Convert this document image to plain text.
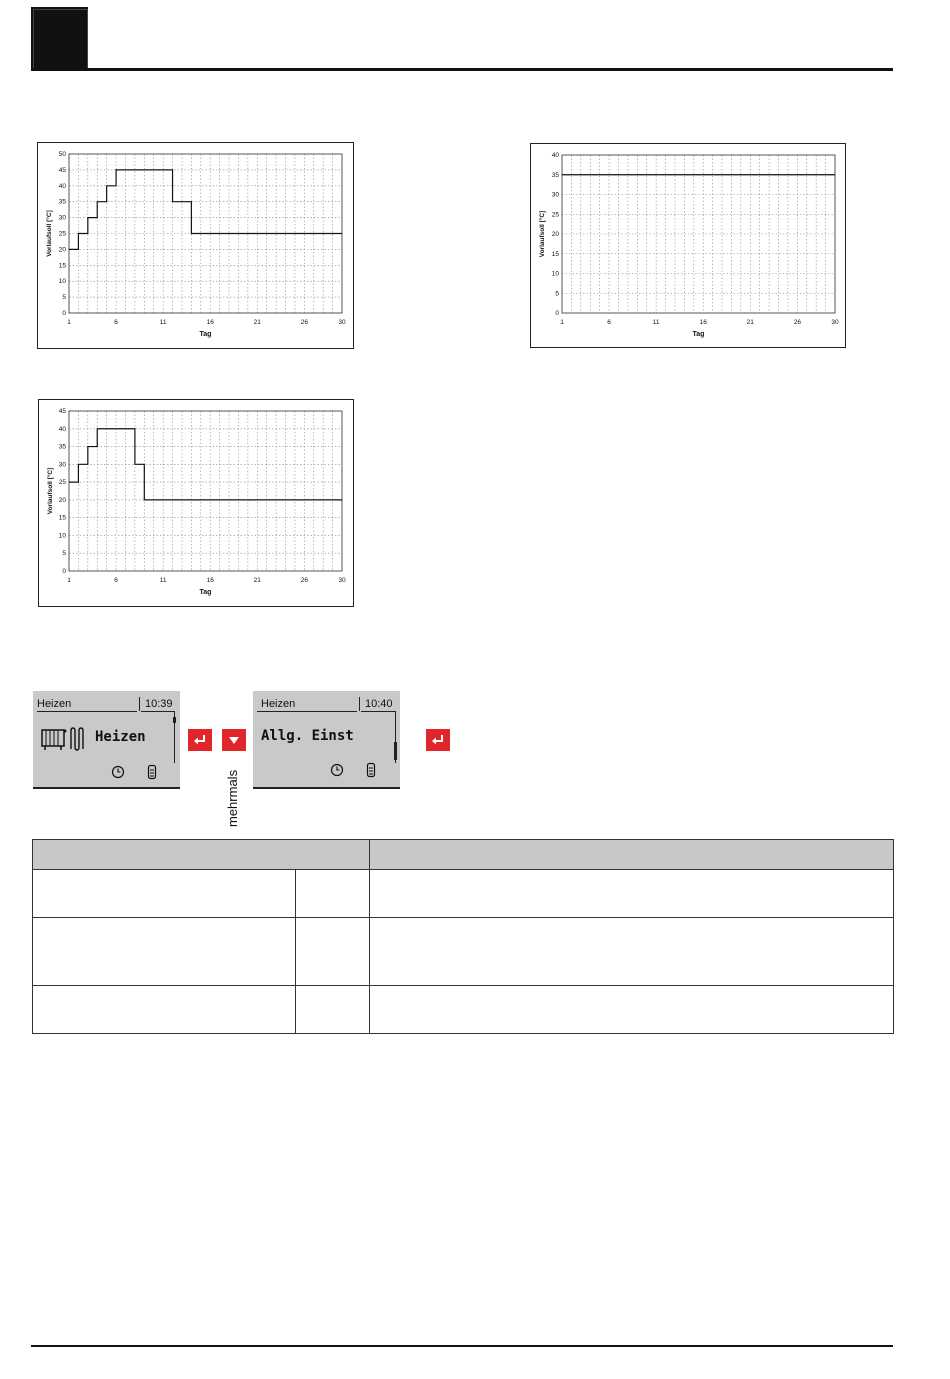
0
5
10
15
20
25
30
35
40
45
50
1	6	11	16	21	26	30
Tag
Vorlaufsoll [°C]
0
5
10
15
20
25
30
35
40
1	6	11	16	21	26	30
Tag
Vorlaufsoll [°C]
0
5
10
15
20
25
30
35
40
45
1	6	11	16	21	26	30
Tag
Vorlaufsoll [°C]
Heizen	10:39
Heizen
mehrmals
Heizen	10:40
Allg. Einst
